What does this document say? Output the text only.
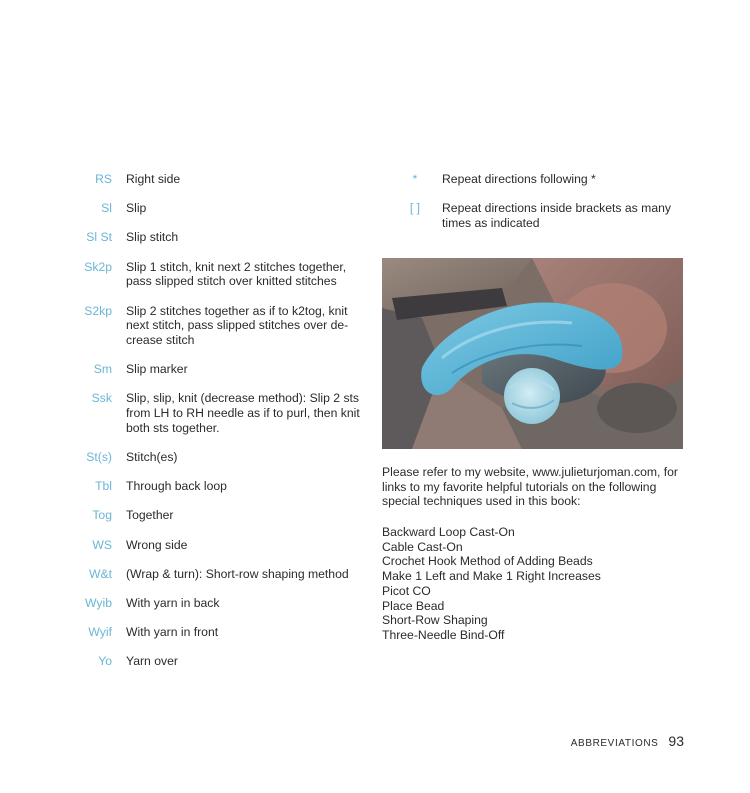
RS Right side
Sl Slip
Sl St Slip stitch
Sk2p Slip 1 stitch, knit next 2 stitches together, pass slipped stitch over knitted stitches
S2kp Slip 2 stitches together as if to k2tog, knit next stitch, pass slipped stitches over de-crease stitch
Sm Slip marker
Ssk Slip, slip, knit (decrease method): Slip 2 sts from LH to RH needle as if to purl, then knit both sts together.
St(s) Stitch(es)
Tbl Through back loop
Tog Together
WS Wrong side
W&t (Wrap & turn): Short-row shaping method
Wyib With yarn in back
Wyif With yarn in front
Yo Yarn over
*	Repeat directions following *
[ ]	Repeat directions inside brackets as many times as indicated
Please refer to my website, www.julieturjoman.com, for links to my favorite helpful tutorials on the following special techniques used in this book:
Backward Loop Cast-On
Cable Cast-On
Crochet Hook Method of Adding Beads
Make 1 Left and Make 1 Right Increases
Picot CO
Place Bead
Short-Row Shaping
Three-Needle Bind-Off
ABBREVIATIONS 93
